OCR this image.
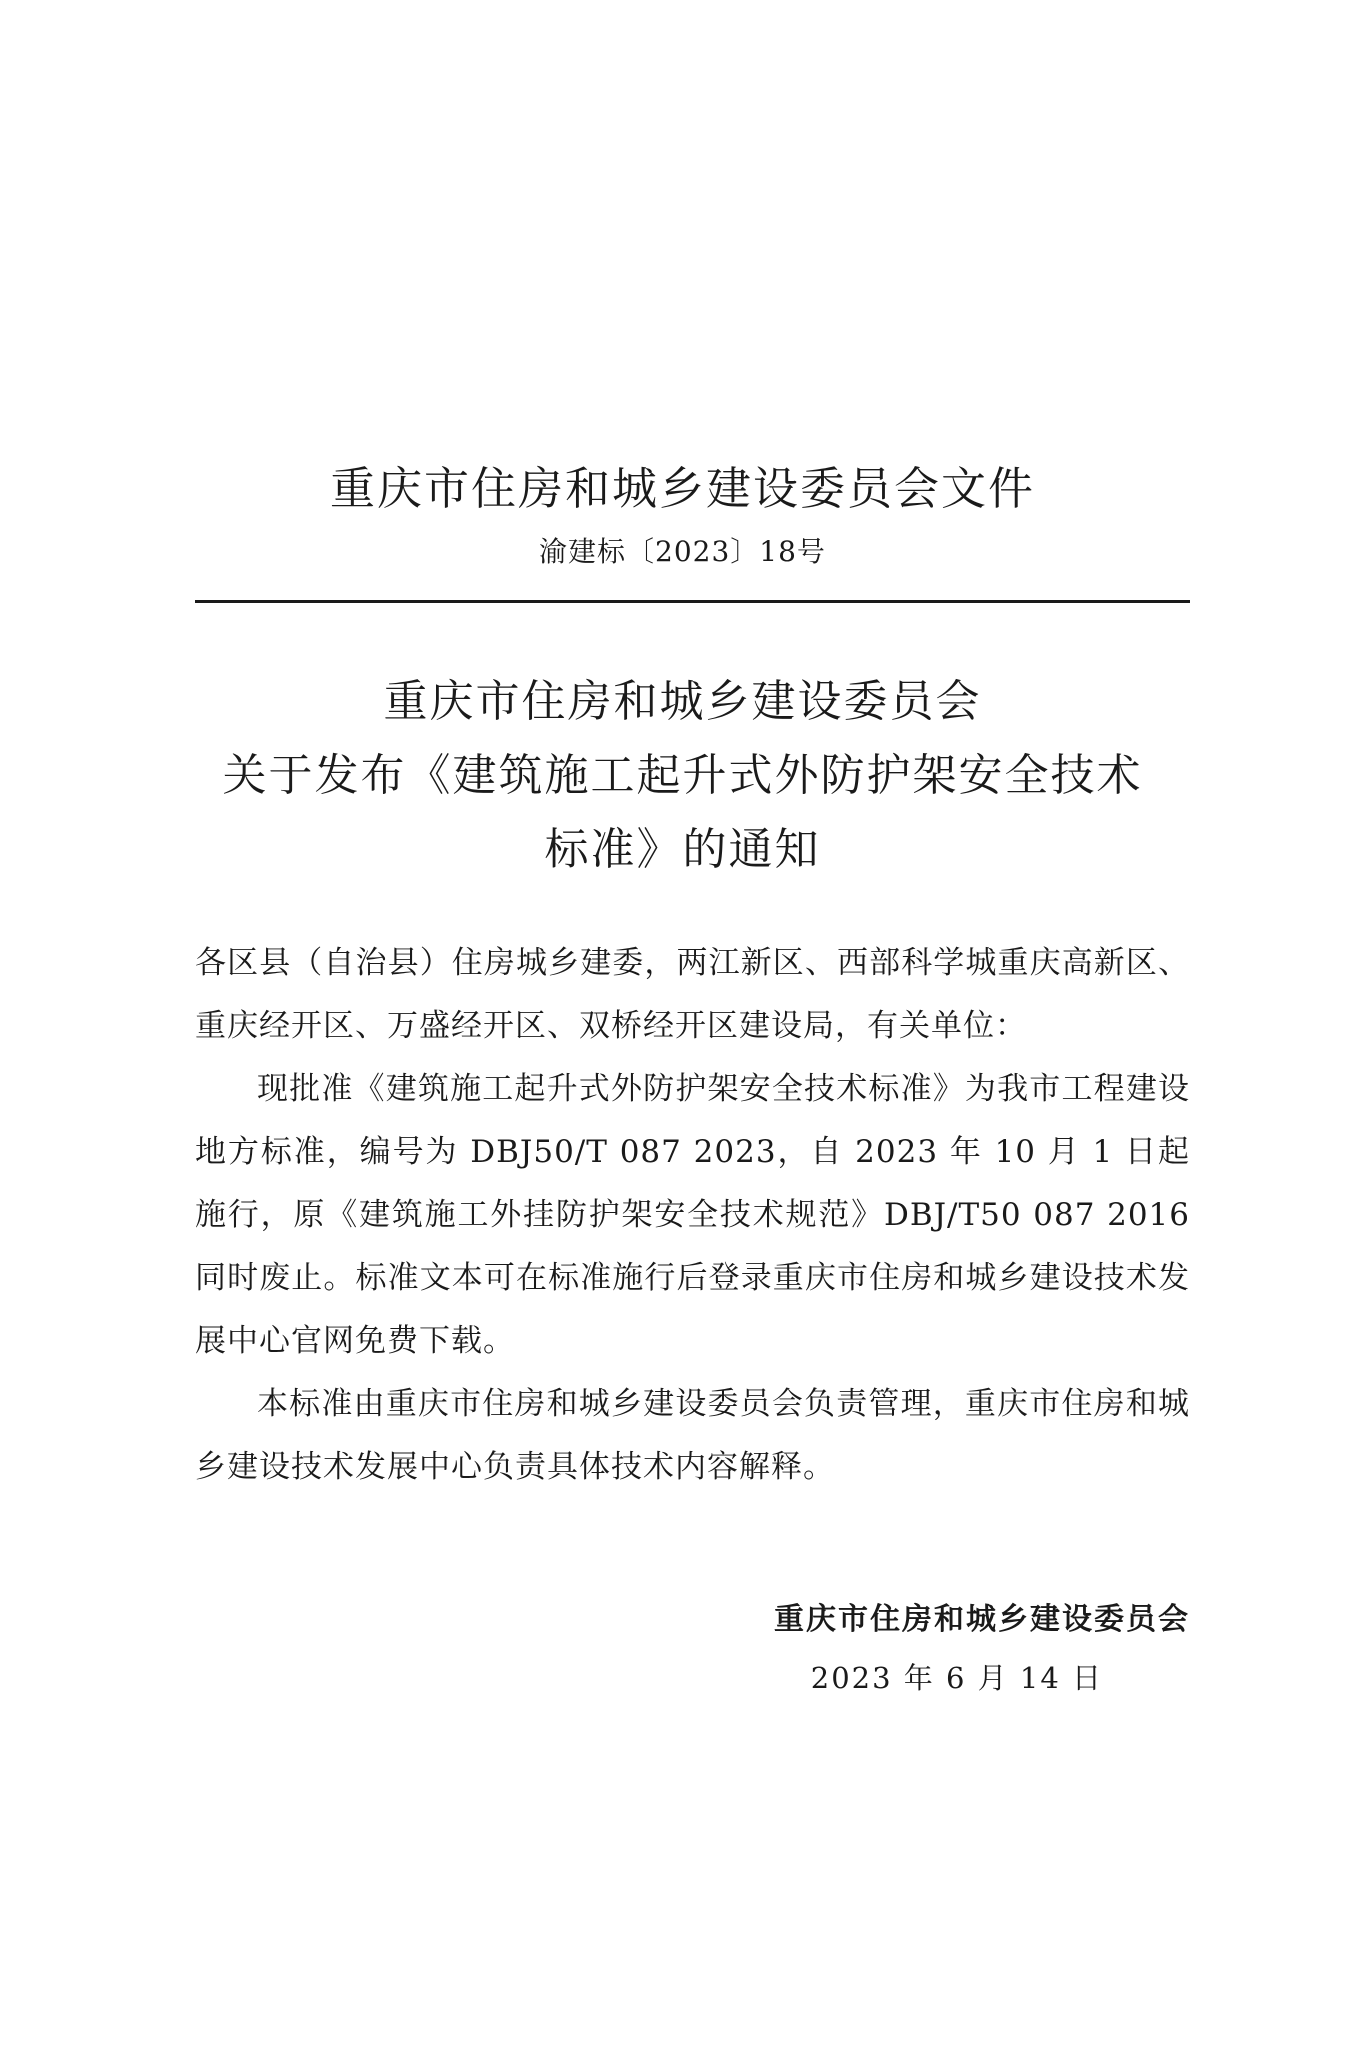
重庆市住房和城乡建设委员会文件
渝建标〔2023〕18号
重庆市住房和城乡建设委员会
关于发布《建筑施工起升式外防护架安全技术
标准》的通知

各区县（自治县）住房城乡建委，两江新区、西部科学城重庆高新区、重庆经开区、万盛经开区、双桥经开区建设局，有关单位：

现批准《建筑施工起升式外防护架安全技术标准》为我市工程建设地方标准，编号为 DBJ50/T 087 2023，自 2023 年 10 月 1 日起施行，原《建筑施工外挂防护架安全技术规范》DBJ/T50 087 2016 同时废止。标准文本可在标准施行后登录重庆市住房和城乡建设技术发展中心官网免费下载。

本标准由重庆市住房和城乡建设委员会负责管理，重庆市住房和城乡建设技术发展中心负责具体技术内容解释。

重庆市住房和城乡建设委员会
2023 年 6 月 14 日
